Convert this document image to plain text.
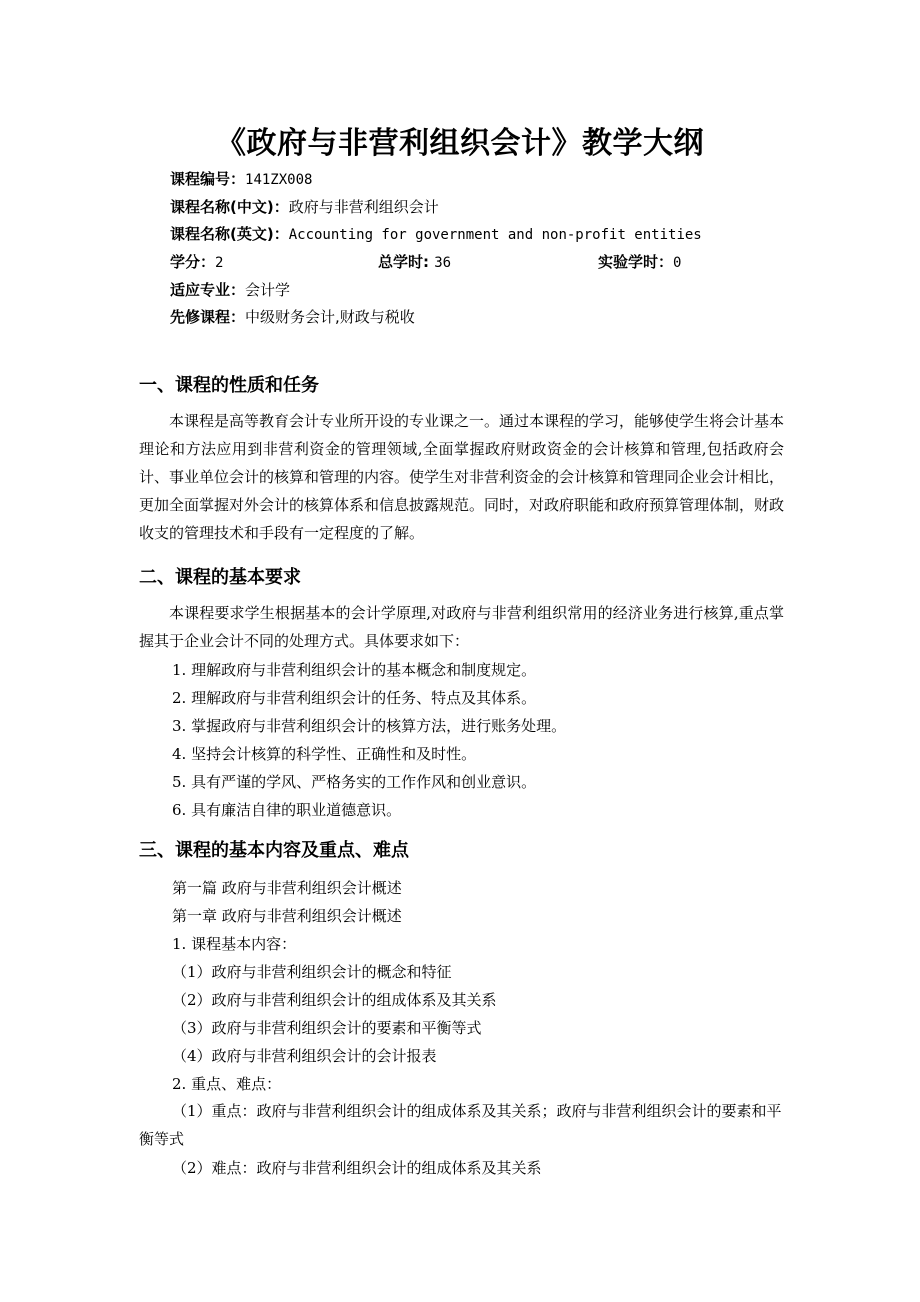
《政府与非营利组织会计》教学大纲
课程编号：141ZX008
课程名称(中文)：政府与非营利组织会计
课程名称(英文)：Accounting for government and non-profit entities
学分：2	总学时: 36	实验学时：0
适应专业：会计学
先修课程：中级财务会计,财政与税收
一、课程的性质和任务
本课程是高等教育会计专业所开设的专业课之一。通过本课程的学习，能够使学生将会计基本理论和方法应用到非营利资金的管理领域,全面掌握政府财政资金的会计核算和管理,包括政府会计、事业单位会计的核算和管理的内容。使学生对非营利资金的会计核算和管理同企业会计相比，更加全面掌握对外会计的核算体系和信息披露规范。同时，对政府职能和政府预算管理体制，财政收支的管理技术和手段有一定程度的了解。
二、课程的基本要求
本课程要求学生根据基本的会计学原理,对政府与非营利组织常用的经济业务进行核算,重点掌握其于企业会计不同的处理方式。具体要求如下：
1. 理解政府与非营利组织会计的基本概念和制度规定。
2. 理解政府与非营利组织会计的任务、特点及其体系。
3. 掌握政府与非营利组织会计的核算方法，进行账务处理。
4. 坚持会计核算的科学性、正确性和及时性。
5. 具有严谨的学风、严格务实的工作作风和创业意识。
6. 具有廉洁自律的职业道德意识。
三、课程的基本内容及重点、难点
第一篇 政府与非营利组织会计概述
第一章 政府与非营利组织会计概述
1. 课程基本内容：
（1）政府与非营利组织会计的概念和特征
（2）政府与非营利组织会计的组成体系及其关系
（3）政府与非营利组织会计的要素和平衡等式
（4）政府与非营利组织会计的会计报表
2. 重点、难点：
（1）重点：政府与非营利组织会计的组成体系及其关系；政府与非营利组织会计的要素和平衡等式
（2）难点：政府与非营利组织会计的组成体系及其关系
